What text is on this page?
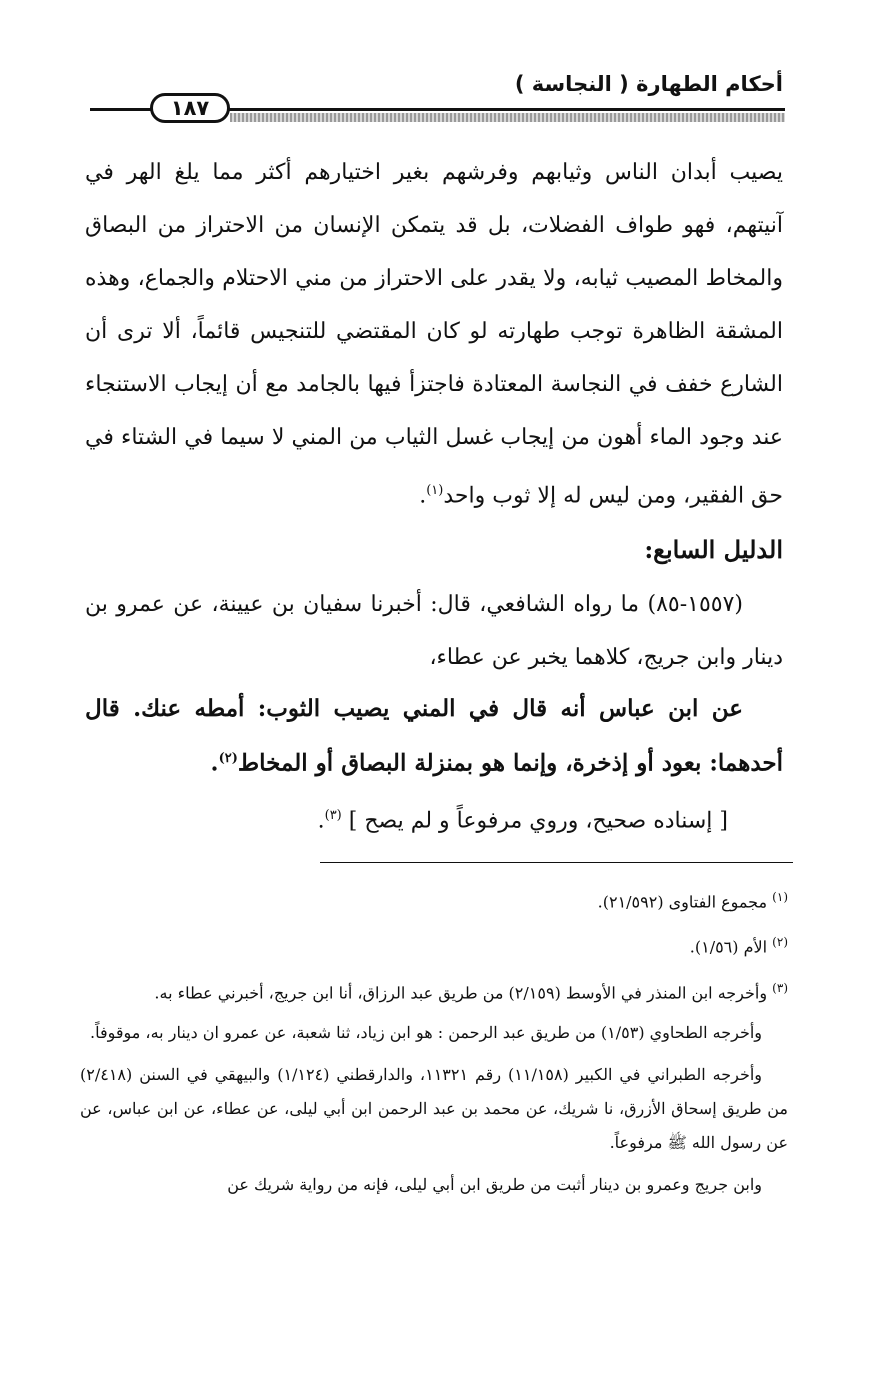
أحكام الطهارة ( النجاسة )
١٨٧

يصيب أبدان الناس وثيابهم وفرشهم بغير اختيارهم أكثر مما يلغ الهر في آنيتهم، فهو طواف الفضلات، بل قد يتمكن الإنسان من الاحتراز من البصاق والمخاط المصيب ثيابه، ولا يقدر على الاحتراز من مني الاحتلام والجماع، وهذه المشقة الظاهرة توجب طهارته لو كان المقتضي للتنجيس قائماً، ألا ترى أن الشارع خفف في النجاسة المعتادة فاجتزأ فيها بالجامد مع أن إيجاب الاستنجاء عند وجود الماء أهون من إيجاب غسل الثياب من المني لا سيما في الشتاء في حق الفقير، ومن ليس له إلا ثوب واحد$^{(١)}$.

الدليل السابع:

(١٥٥٧-٨٥) ما رواه الشافعي، قال: أخبرنا سفيان بن عيينة، عن عمرو بن دينار وابن جريج، كلاهما يخبر عن عطاء،

عن ابن عباس أنه قال في المني يصيب الثوب: أمطه عنك. قال أحدهما: بعود أو إذخرة، وإنما هو بمنزلة البصاق أو المخاط$^{(٢)}$.

[ إسناده صحيح، وروي مرفوعاً و لم يصح ] $^{(٣)}$.

$^{(١)}$ مجموع الفتاوى (٢١/٥٩٢).

$^{(٢)}$ الأم (١/٥٦).

$^{(٣)}$ وأخرجه ابن المنذر في الأوسط (٢/١٥٩) من طريق عبد الرزاق، أنا ابن جريج، أخبرني عطاء به.

وأخرجه الطحاوي (١/٥٣) من طريق عبد الرحمن : هو ابن زياد، ثنا شعبة، عن عمرو ان دينار به، موقوفاً.

وأخرجه الطبراني في الكبير (١١/١٥٨) رقم ١١٣٢١، والدارقطني (١/١٢٤) والبيهقي في السنن (٢/٤١٨) من طريق إسحاق الأزرق، نا شريك، عن محمد بن عبد الرحمن ابن أبي ليلى، عن عطاء، عن ابن عباس، عن عن رسول الله ﷺ مرفوعاً.

وابن جريج وعمرو بن دينار أثبت من طريق ابن أبي ليلى، فإنه من رواية شريك عن
